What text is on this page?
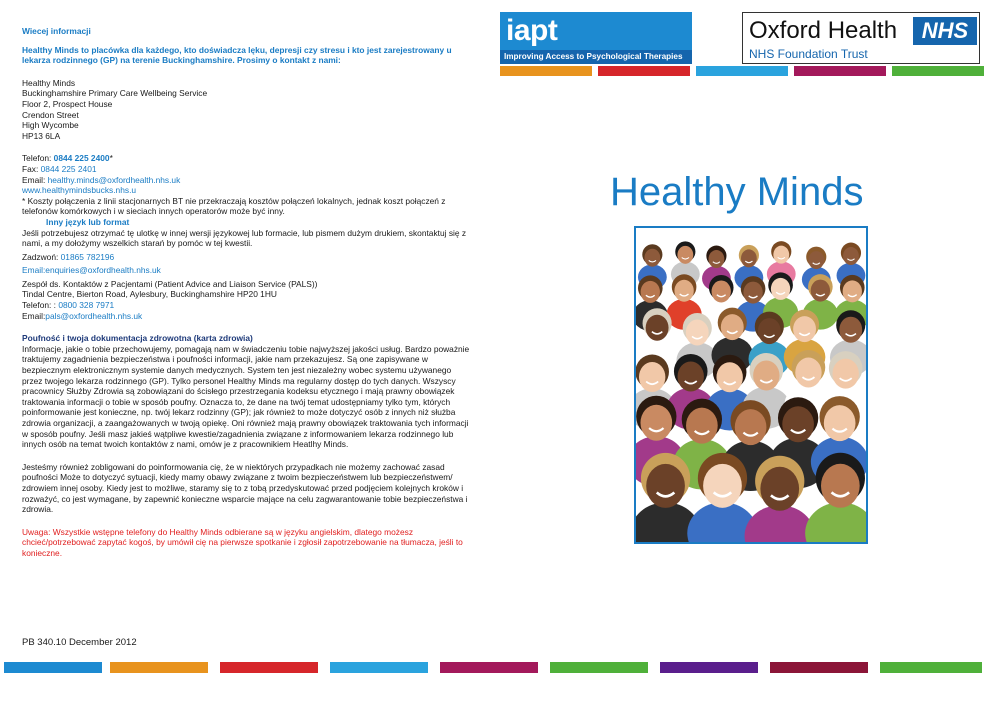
Wiecej informacji

Healthy Minds to placówka dla każdego, kto doświadcza lęku, depresji czy stresu i kto jest zarejestrowany u lekarza rodzinnego (GP) na terenie Buckinghamshire. Prosimy o kontakt z nami:

Healthy Minds

Buckinghamshire Primary Care Wellbeing Service

Floor 2, Prospect House

Crendon Street

High Wycombe

HP13 6LA

Telefon: 0844 225 2400*

Fax: 0844 225 2401

Email: healthy.minds@oxfordhealth.nhs.uk

www.healthymindsbucks.nhs.u

* Koszty połączenia z linii stacjonarnych BT nie przekraczają kosztów połączeń lokalnych, jednak koszt połączeń z telefonów komórkowych i w sieciach innych operatorów może być inny.

Inny język lub format

Jeśli potrzebujesz otrzymać tę ulotkę w innej wersji językowej lub formacie, lub pismem dużym drukiem, skontaktuj się z nami, a my dołożymy wszelkich starań by pomóc w tej kwestii.

Zadzwoń: 01865 782196

Email:enquiries@oxfordhealth.nhs.uk

Zespół ds. Kontaktów z Pacjentami (Patient Advice and Liaison Service (PALS))

Tindal Centre, Bierton Road, Aylesbury, Buckinghamshire HP20 1HU

Telefon: : 0800 328 7971

Email:pals@oxfordhealth.nhs.uk

Poufność i twoja dokumentacja zdrowotna (karta zdrowia)

Informacje, jakie o tobie przechowujemy, pomagają nam w świadczeniu tobie najwyższej jakości usług. Bardzo poważnie traktujemy zagadnienia bezpieczeństwa i poufności informacji, jakie nam przekazujesz. Są one zapisywane w bezpiecznym elektronicznym systemie danych medycznych. System ten jest niezależny wobec systemu używanego przez twojego lekarza rodzinnego (GP). Tylko personel Healthy Minds ma regularny dostęp do tych danych. Wszyscy pracownicy Służby Zdrowia są zobowiązani do ścisłego przestrzegania kodeksu etycznego i mają prawny obowiązek traktowania informacji o tobie w sposób poufny. Oznacza to, że dane na twój temat udostępniamy tylko tym, których poinformowanie jest konieczne, np. twój lekarz rodzinny (GP); jak również to może dotyczyć osób z innych niż służba zdrowia organizacji, a zaangażowanych w twoją opiekę. Oni również mają prawny obowiązek traktowania tych informacji w sposób poufny. Jeśli masz jakieś wątpliwe kwestie/zagadnienia związane z informowaniem lekarza rodzinnego lub innych osób na temat twoich kontaktów z nami, omów je z pracownikiem Heatlhy Minds.

Jesteśmy również zobligowani do poinformowania cię, że w niektórych przypadkach nie możemy zachować zasad poufności Może to dotyczyć sytuacji, kiedy mamy obawy związane z twoim bezpieczeństwem lub bezpieczeństwem/ zdrowiem innej osoby. Kiedy jest to możliwe, staramy się to z tobą przedyskutować przed podjęciem kolejnych kroków i rozważyć, co jest wymagane, by zapewnić konieczne wsparcie mające na celu zagwarantowanie tobie bezpieczeństwa i zdrowia.

Uwaga: Wszystkie wstępne telefony do Healthy Minds odbierane są w języku angielskim, dlatego możesz chcieć/potrzebować zapytać kogoś, by umówił cię na pierwsze spotkanie i zgłosił zapotrzebowanie na tłumacza, jeśli to konieczne.

PB 340.10 December 2012
iapt
Improving Access to Psychological Therapies
Oxford Health	NHS
NHS Foundation Trust
Healthy Minds
